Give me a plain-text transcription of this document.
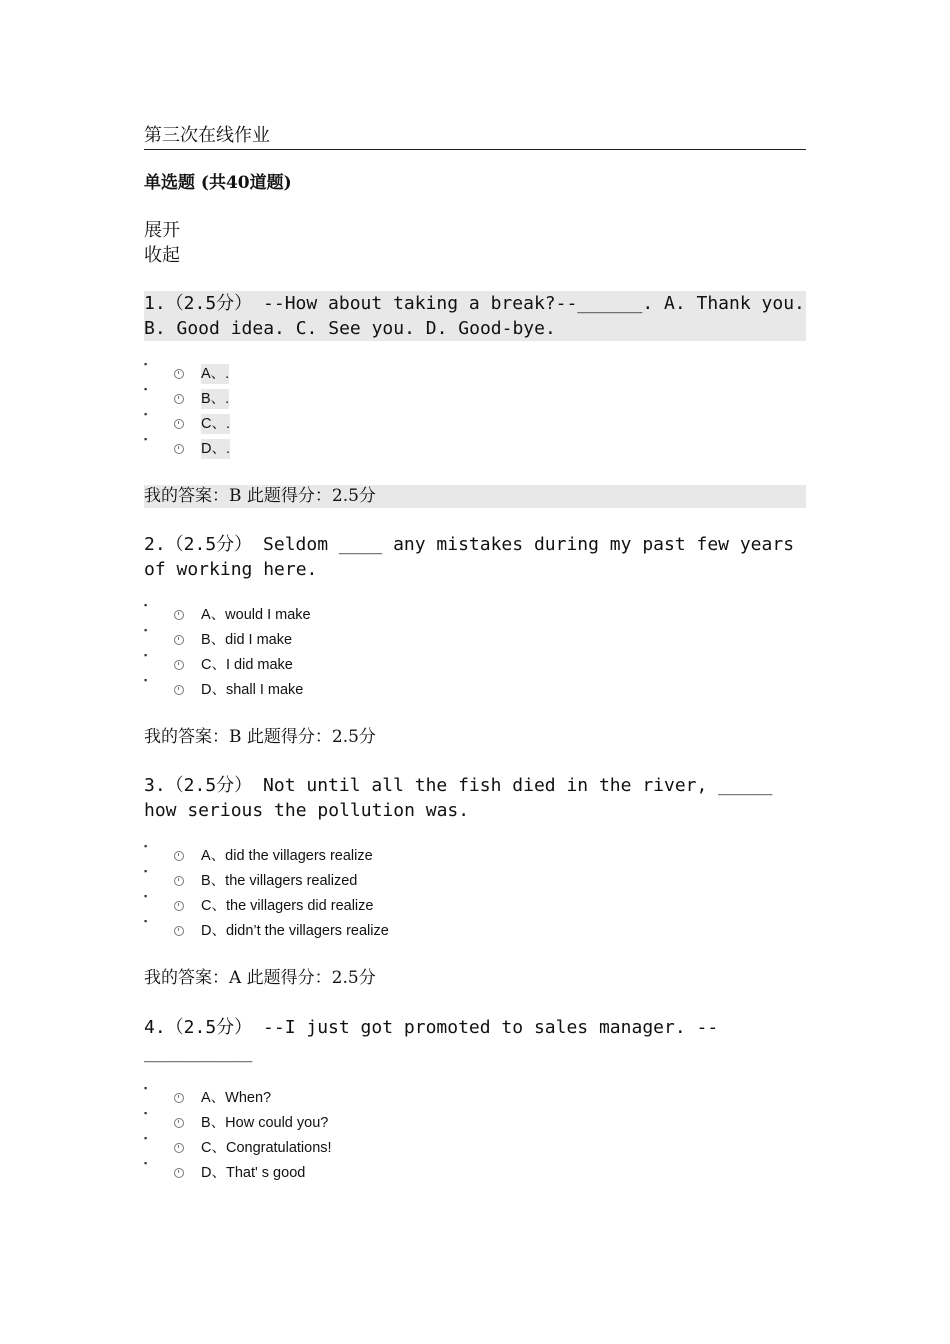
第三次在线作业
单选题 (共40道题)
展开
收起
1.（2.5分） --How about taking a break?--______. A. Thank you. B. Good idea. C. See you. D. Good-bye.
▪
A、.
▪
B、.
▪
C、.
▪
D、.
我的答案：B 此题得分：2.5分
2.（2.5分） Seldom ____ any mistakes during my past few years of working here.
▪
A、would I make
▪
B、did I make
▪
C、I did make
▪
D、shall I make
我的答案：B 此题得分：2.5分
3.（2.5分） Not until all the fish died in the river, _____ how serious the pollution was.
▪
A、did the villagers realize
▪
B、the villagers realized
▪
C、the villagers did realize
▪
D、didn’t the villagers realize
我的答案：A 此题得分：2.5分
4.（2.5分） --I just got promoted to sales manager. --__________
▪
A、When?
▪
B、How could you?
▪
C、Congratulations!
▪
D、That' s good
